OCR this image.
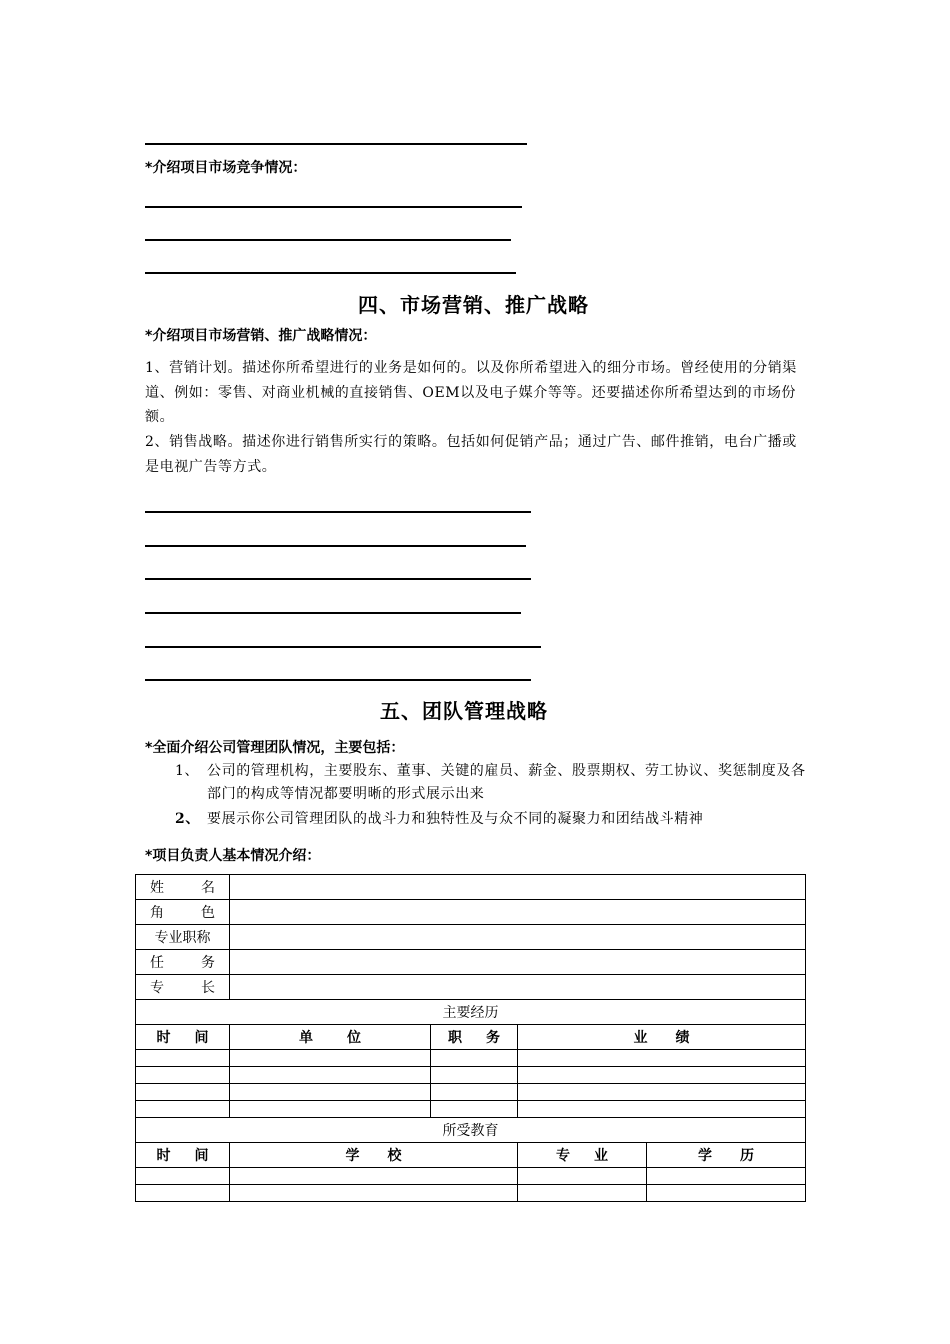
*介绍项目市场竞争情况：
四、市场营销、推广战略
*介绍项目市场营销、推广战略情况：
1、营销计划。描述你所希望进行的业务是如何的。以及你所希望进入的细分市场。曾经使用的分销渠道、例如：零售、对商业机械的直接销售、OEM以及电子媒介等等。还要描述你所希望达到的市场份额。
2、销售战略。描述你进行销售所实行的策略。包括如何促销产品；通过广告、邮件推销，电台广播或是电视广告等方式。
五、团队管理战略
*全面介绍公司管理团队情况，主要包括：
1、 公司的管理机构，主要股东、董事、关键的雇员、薪金、股票期权、劳工协议、奖惩制度及各部门的构成等情况都要明晰的形式展示出来
2、 要展示你公司管理团队的战斗力和独特性及与众不同的凝聚力和团结战斗精神
*项目负责人基本情况介绍：
姓 名				

角 色				

专业职称				

任 务				

专 长				

主要经历				

时 间	单 位	职 务	业 绩	

所受教育				

时 间	学 校		专 业	学 历
